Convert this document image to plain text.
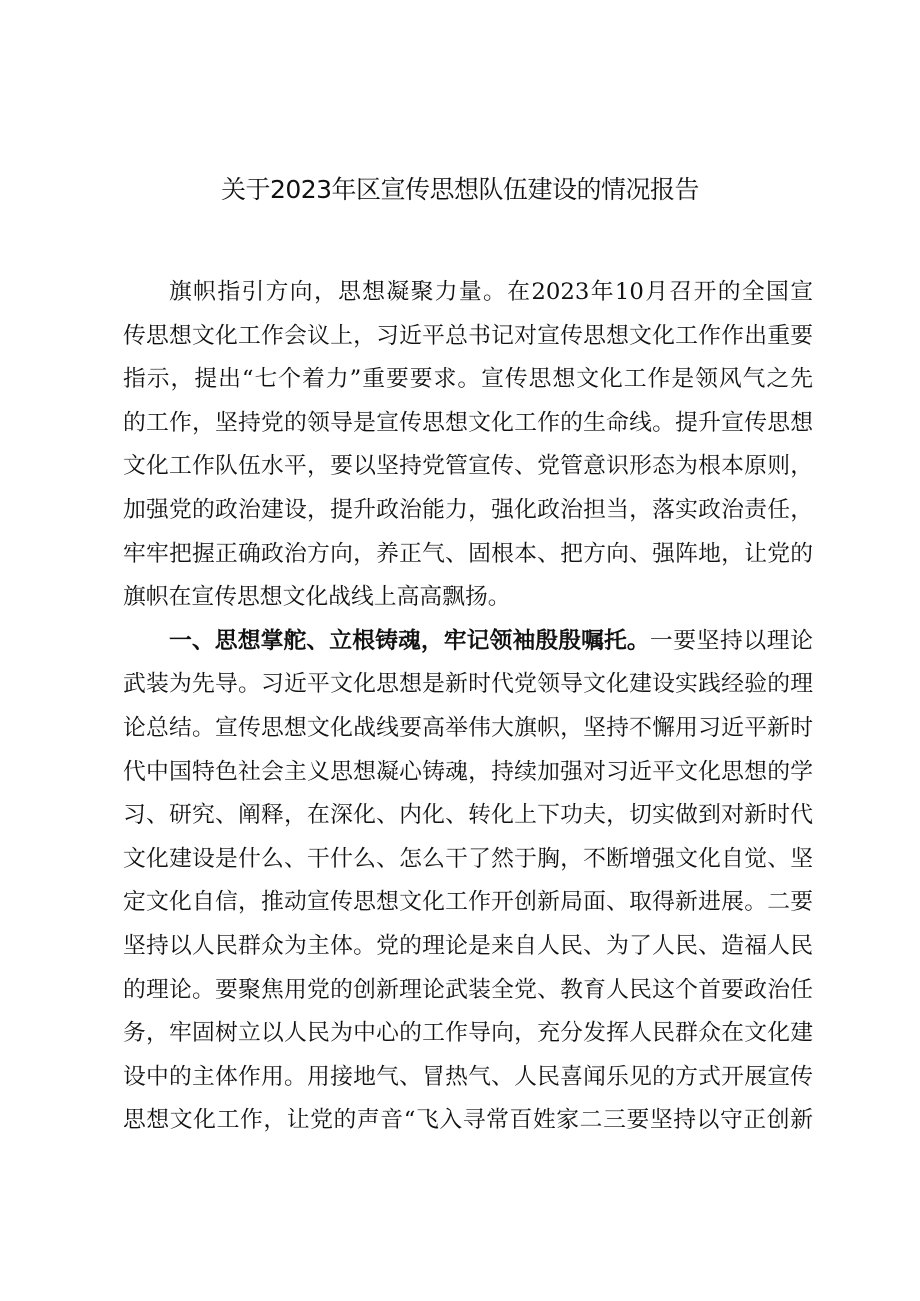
关于2023年区宣传思想队伍建设的情况报告
旗帜指引方向，思想凝聚力量。在2023年10月召开的全国宣
传思想文化工作会议上，习近平总书记对宣传思想文化工作作出重要
指示，提出“七个着力”重要要求。宣传思想文化工作是领风气之先
的工作，坚持党的领导是宣传思想文化工作的生命线。提升宣传思想
文化工作队伍水平，要以坚持党管宣传、党管意识形态为根本原则，
加强党的政治建设，提升政治能力，强化政治担当，落实政治责任，
牢牢把握正确政治方向，养正气、固根本、把方向、强阵地，让党的
旗帜在宣传思想文化战线上高高飘扬。
一、思想掌舵、立根铸魂，牢记领袖殷殷嘱托。一要坚持以理论
武装为先导。习近平文化思想是新时代党领导文化建设实践经验的理
论总结。宣传思想文化战线要高举伟大旗帜，坚持不懈用习近平新时
代中国特色社会主义思想凝心铸魂，持续加强对习近平文化思想的学
习、研究、阐释，在深化、内化、转化上下功夫，切实做到对新时代
文化建设是什么、干什么、怎么干了然于胸，不断增强文化自觉、坚
定文化自信，推动宣传思想文化工作开创新局面、取得新进展。二要
坚持以人民群众为主体。党的理论是来自人民、为了人民、造福人民
的理论。要聚焦用党的创新理论武装全党、教育人民这个首要政治任
务，牢固树立以人民为中心的工作导向，充分发挥人民群众在文化建
设中的主体作用。用接地气、冒热气、人民喜闻乐见的方式开展宣传
思想文化工作，让党的声音“飞入寻常百姓家二三要坚持以守正创新
